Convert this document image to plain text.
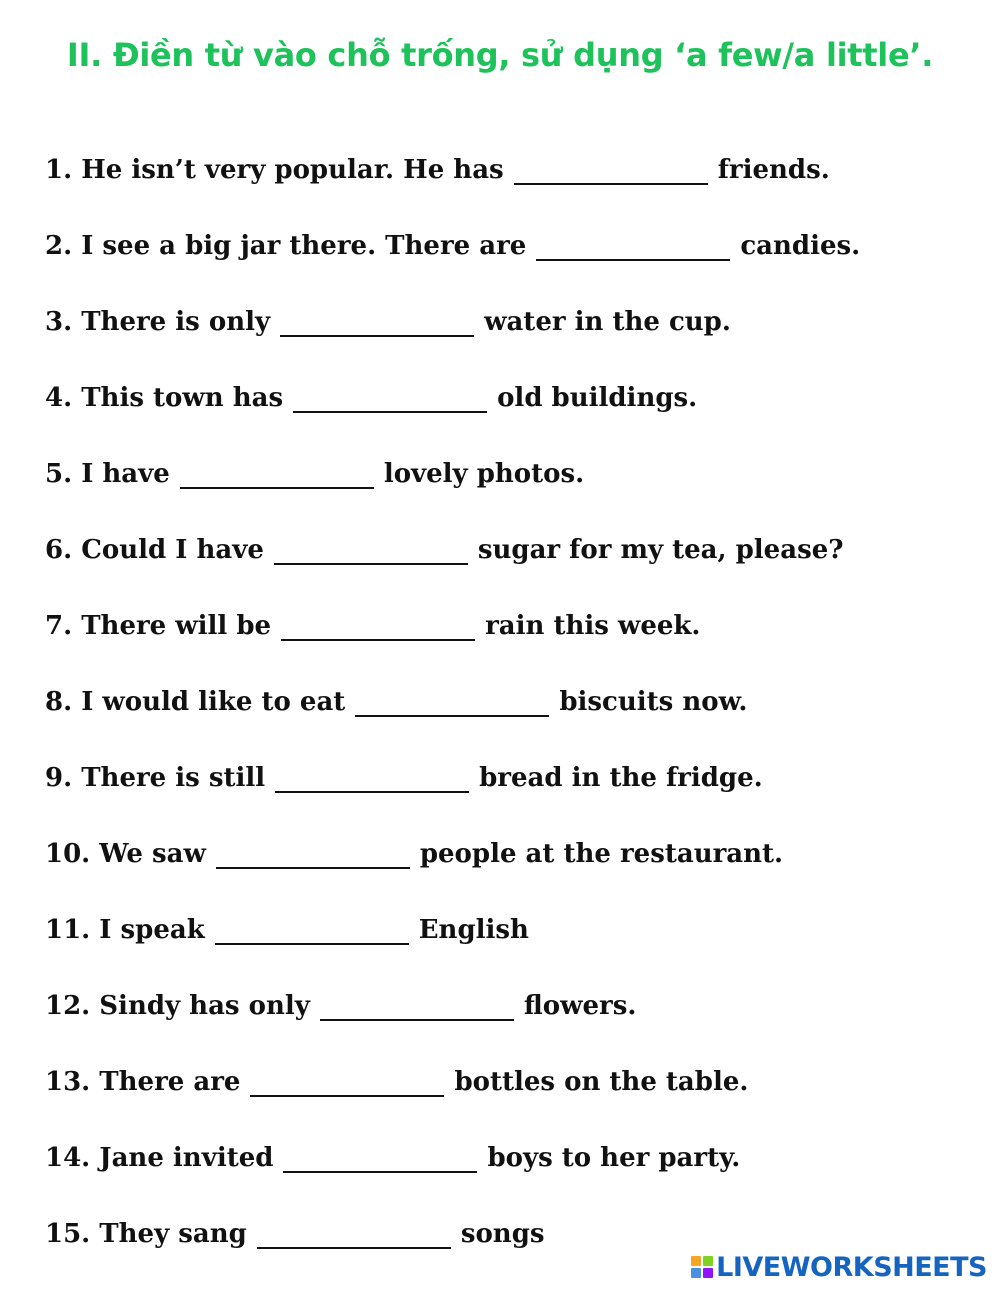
II. Điền từ vào chỗ trống, sử dụng ‘a few/a little’.
1. He isn’t very popular. He has	friends.
2. I see a big jar there. There are	candies.
3. There is only	water in the cup.
4. This town has	old buildings.
5. I have	lovely photos.
6. Could I have	sugar for my tea, please?
7. There will be	rain this week.
8. I would like to eat	biscuits now.
9. There is still	bread in the fridge.
10. We saw	people at the restaurant.
11. I speak	English
12. Sindy has only	flowers.
13. There are	bottles on the table.
14. Jane invited	boys to her party.
15. They sang	songs
LIVEWORKSHEETS
